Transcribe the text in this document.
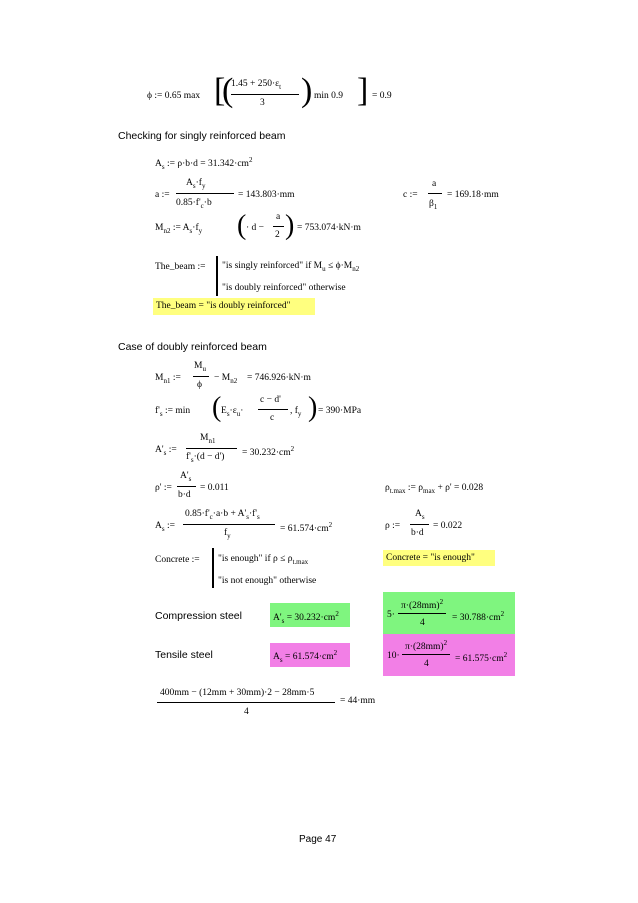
ϕ := 0.65 max [
(
$1.45 + 250\cdot\varepsilon_t$
3 ) min 0.9 ] = 0.9
Checking for singly reinforced beam
$A_s$ := $\rho\cdot b\cdot d = 31.342\cdot cm^2$
a :=
$A_s\cdot f_y$
$0.85\cdot f'_c\cdot b$
= 143.803·mm	c :=
a
$\beta_1$
= 169.18·mm
$M_{n2}$ := $A_s\cdot f_y$ ( · d −
a
2 ) = 753.074·kN·m
The_beam := "is singly reinforced" if $M_u \le \phi\cdot M_{n2}$
"is doubly reinforced" otherwise
The_beam = "is doubly reinforced"
Case of doubly reinforced beam
$M_{n1}$ :=
$M_u$
ϕ
− $M_{n2} = 746.926\cdot kN\cdot m$
$f'_s$ := min ( $E_s\cdot\varepsilon_u\cdot$
c − d'
c
, $f_y$ ) = 390·MPa
$A'_s$ :=
$M_{n1}$
$f'_s\cdot(d - d') = 30.232\cdot cm^2$
ρ' :=
$A'_s$
b·d
= 0.011	$\rho_{t.max}$ := $\rho_{max} + \rho' = 0.028$
$A_s$ :=
$0.85\cdot f'_c\cdot a\cdot b + A'_s\cdot f'_s$
$f_y$
= $61.574\cdot cm^2$	ρ :=
$A_s$
b·d
= 0.022
Concrete := "is enough" if $\rho \le \rho_{t.max}$
"is not enough" otherwise
Concrete = "is enough"
Compression steel	$A'_s = 30.232\cdot cm^2$	5·
$\pi\cdot(28mm)^2$
4	= $30.788\cdot cm^2$
Tensile steel	$A_s = 61.574\cdot cm^2$	10·
$\pi\cdot(28mm)^2$
4	= $61.575\cdot cm^2$
400mm − (12mm + 30mm)·2 − 28mm·5
4
= 44·mm
Page 47
